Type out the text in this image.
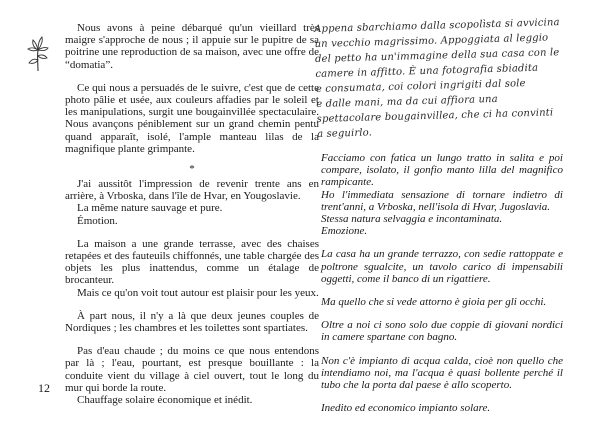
Nous avons à peine débarqué qu'un vieillard très maigre s'approche de nous ; il appuie sur le pupitre de sa poitrine une reproduction de sa maison, avec une offre de “domatia”.

Ce qui nous a persuadés de le suivre, c'est que de cette photo pâlie et usée, aux couleurs affadies par le soleil et les manipulations, surgit une bougainvillée spectaculaire. Nous avançons péniblement sur un grand chemin pentu quand apparaît, isolé, l'ample manteau lilas de la magnifique plante grimpante.

*

J'ai aussitôt l'impression de revenir trente ans en arrière, à Vrboska, dans l'île de Hvar, en Yougoslavie.

La même nature sauvage et pure.

Émotion.

La maison a une grande terrasse, avec des chaises retapées et des fauteuils chiffonnés, une table chargée des objets les plus inattendus, comme un étalage de brocanteur.

Mais ce qu'on voit tout autour est plaisir pour les yeux.

À part nous, il n'y a là que deux jeunes couples de Nordiques ; les chambres et les toilettes sont spartiates.

Pas d'eau chaude ; du moins ce que nous entendons par là ; l'eau, pourtant, est presque bouillante : la conduite vient du village à ciel ouvert, tout le long du mur qui borde la route.

Chauffage solaire économique et inédit.

Appena sbarchiamo dalla scopolìsta si avvicina

un vecchio magrissimo. Appoggiata al leggio

del petto ha un'immagine della sua casa con le

camere in affitto. È una fotografia sbiadita

e consumata, coi colori ingrigiti dal sole

e dalle mani, ma da cui affiora una

spettacolare bougainvillea, che ci ha convinti

a seguirlo.

Facciamo con fatica un lungo tratto in salita e poi compare, isolato, il gonfio manto lilla del magnifico rampicante.

Ho l'immediata sensazione di tornare indietro di trent'anni, a Vrboska, nell'isola di Hvar, Jugoslavia.

Stessa natura selvaggia e incontaminata.

Emozione.

La casa ha un grande terrazzo, con sedie rattoppate e poltrone sgualcite, un tavolo carico di impensabili oggetti, come il banco di un rigattiere.

Ma quello che si vede attorno è gioia per gli occhi.

Oltre a noi ci sono solo due coppie di giovani nordici in camere spartane con bagno.

Non c'è impianto di acqua calda, cioè non quello che intendiamo noi, ma l'acqua è quasi bollente perché il tubo che la porta dal paese è allo scoperto.

Inedito ed economico impianto solare.

12
